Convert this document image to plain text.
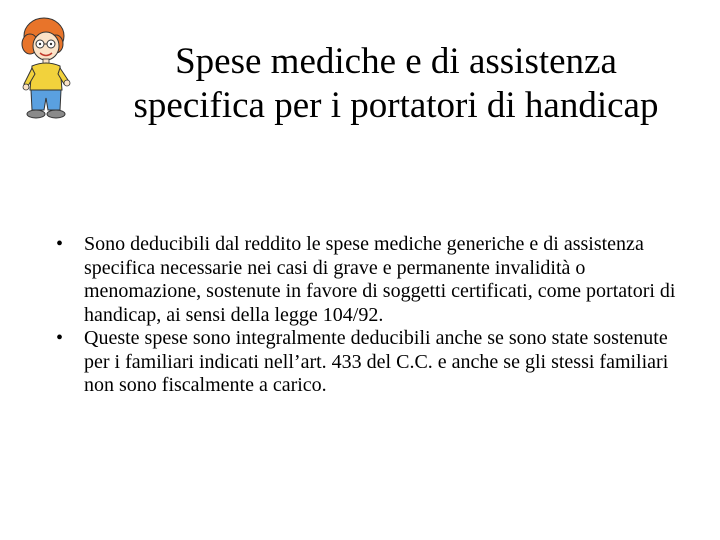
Spese mediche e di assistenza
specifica per i portatori di handicap
• Sono deducibili dal reddito le spese mediche generiche e di assistenza specifica necessarie nei casi di grave e permanente invalidità o menomazione, sostenute in favore di soggetti certificati, come portatori di handicap, ai sensi della legge 104/92.
• Queste spese sono integralmente deducibili anche se sono state sostenute per i familiari indicati nell’art. 433 del C.C. e anche se gli stessi familiari non sono fiscalmente a carico.
